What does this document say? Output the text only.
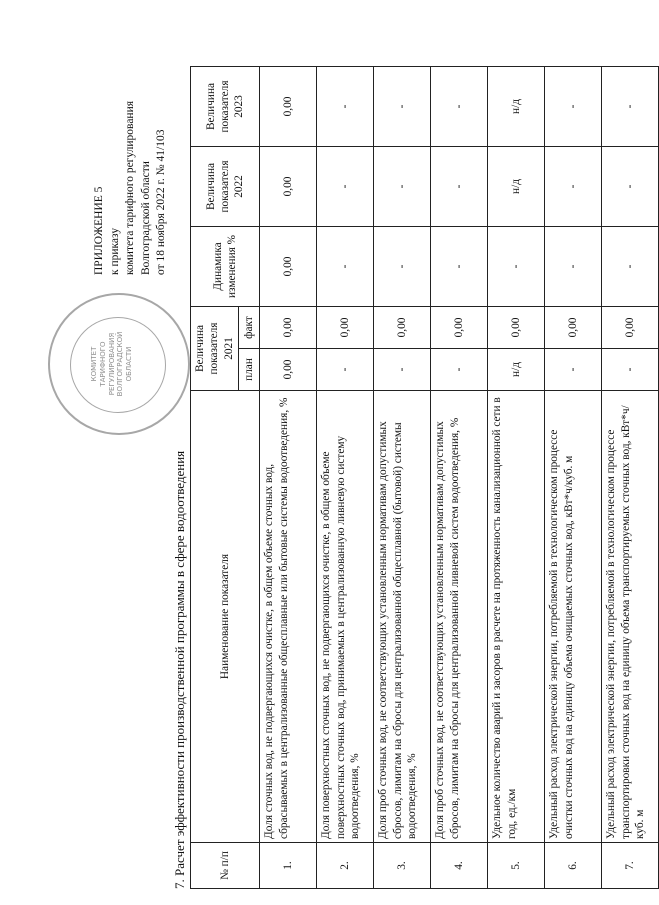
КОМИТЕТ ТАРИФНОГО РЕГУЛИРОВАНИЯ ВОЛГОГРАДСКОЙ ОБЛАСТИ
ПРИЛОЖЕНИЕ 5 к приказу комитета тарифного регулирования Волгоградской области от 18 ноября 2022 г. № 41/103
7. Расчет эффективности производственной программы в сфере водоотведения	№ п/п	Наименование показателя	Величина показателя 2021		Динамика изменения %	Величина показателя 2022	Величина показателя 2023
		план	факт			
1.	Доля сточных вод, не подвергающихся очистке, в общем объеме сточных вод, сбрасываемых в централизованные общесплавные или бытовые системы водоотведения, %	0,00	0,00	0,00	0,00	0,00
2.	Доля поверхностных сточных вод, не подвергающихся очистке, в общем объеме поверхностных сточных вод, принимаемых в централизованную ливневую систему водоотведения, %	-	0,00	-	-	-
3.	Доля проб сточных вод, не соответствующих установленным нормативам допустимых сбросов, лимитам на сбросы для централизованной общесплавной (бытовой) системы водоотведения, %	-	0,00	-	-	-
4.	Доля проб сточных вод, не соответствующих установленным нормативам допустимых сбросов, лимитам на сбросы для централизованной ливневой систем водоотведения, %	-	0,00	-	-	-
5.	Удельное количество аварий и засоров в расчете на протяженность канализационной сети в год, ед./км	н/д	0,00	-	н/д	н/д
6.	Удельный расход электрической энергии, потребляемой в технологическом процессе очистки сточных вод на единицу объема очищаемых сточных вод, кВт*ч/куб. м	-	0,00	-	-	-
7.	Удельный расход электрической энергии, потребляемой в технологическом процессе транспортировки сточных вод на единицу объема транспортируемых сточных вод, кВт*ч/куб. м	-	0,00	-	-	-
